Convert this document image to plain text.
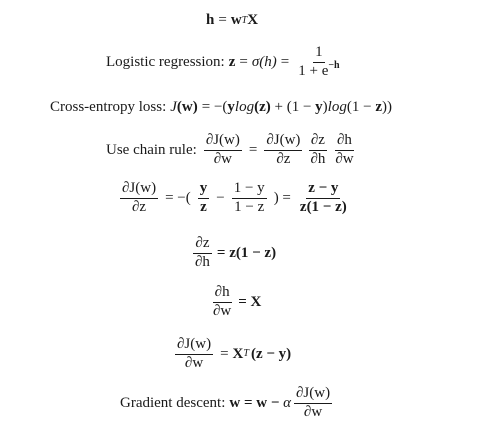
h = w T X
Logistic regression: $z = \sigma(h) = \frac{1}{1 + e^{-h}}$
Cross-entropy loss: J (w) = −( y log (z) + (1 − y ) log (1 − z ))
Use chain rule: $\frac{\partial J(w)}{\partial w} = \frac{\partial J(w)}{\partial z} \frac{\partial z}{\partial h} \frac{\partial h}{\partial w}$
$\frac{\partial J(w)}{\partial z}$ = −( $\frac{y}{z} - \frac{1 - y}{1 - z}$ ) = $\frac{z - y}{z(1 - z)}$
$\frac{\partial z}{\partial h} = z(1 - z)$
$\frac{\partial h}{\partial w} = X$
$\frac{\partial J(w)}{\partial w} = X$ T (z − y)
Gradient descent: w = w − α $\frac{\partial J(w)}{\partial w}$
